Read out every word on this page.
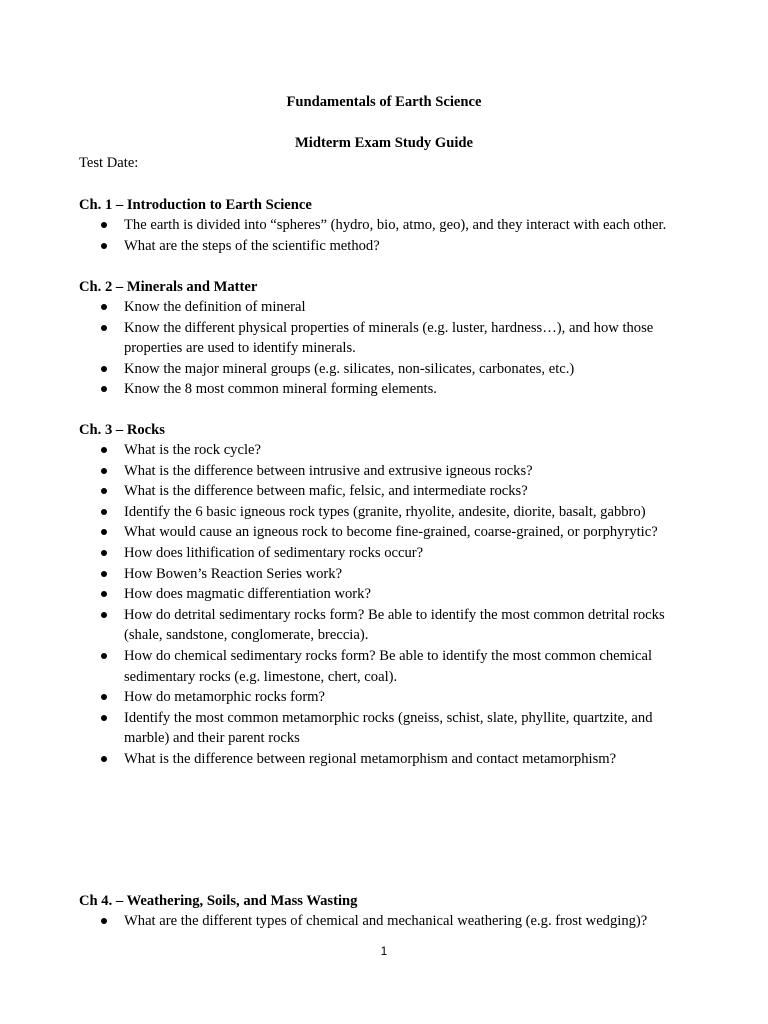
Fundamentals of Earth Science
Midterm Exam Study Guide
Test Date:
Ch. 1 – Introduction to Earth Science
The earth is divided into “spheres” (hydro, bio, atmo, geo), and they interact with each other.
What are the steps of the scientific method?
Ch. 2 – Minerals and Matter
Know the definition of mineral
Know the different physical properties of minerals (e.g. luster, hardness…), and how those properties are used to identify minerals.
Know the major mineral groups (e.g. silicates, non-silicates, carbonates, etc.)
Know the 8 most common mineral forming elements.
Ch. 3 – Rocks
What is the rock cycle?
What is the difference between intrusive and extrusive igneous rocks?
What is the difference between mafic, felsic, and intermediate rocks?
Identify the 6 basic igneous rock types (granite, rhyolite, andesite, diorite, basalt, gabbro)
What would cause an igneous rock to become fine-grained, coarse-grained, or porphyrytic?
How does lithification of sedimentary rocks occur?
How Bowen’s Reaction Series work?
How does magmatic differentiation work?
How do detrital sedimentary rocks form? Be able to identify the most common detrital rocks (shale, sandstone, conglomerate, breccia).
How do chemical sedimentary rocks form? Be able to identify the most common chemical sedimentary rocks (e.g. limestone, chert, coal).
How do metamorphic rocks form?
Identify the most common metamorphic rocks (gneiss, schist, slate, phyllite, quartzite, and marble) and their parent rocks
What is the difference between regional metamorphism and contact metamorphism?
Ch 4. – Weathering, Soils, and Mass Wasting
What are the different types of chemical and mechanical weathering (e.g. frost wedging)?
1
